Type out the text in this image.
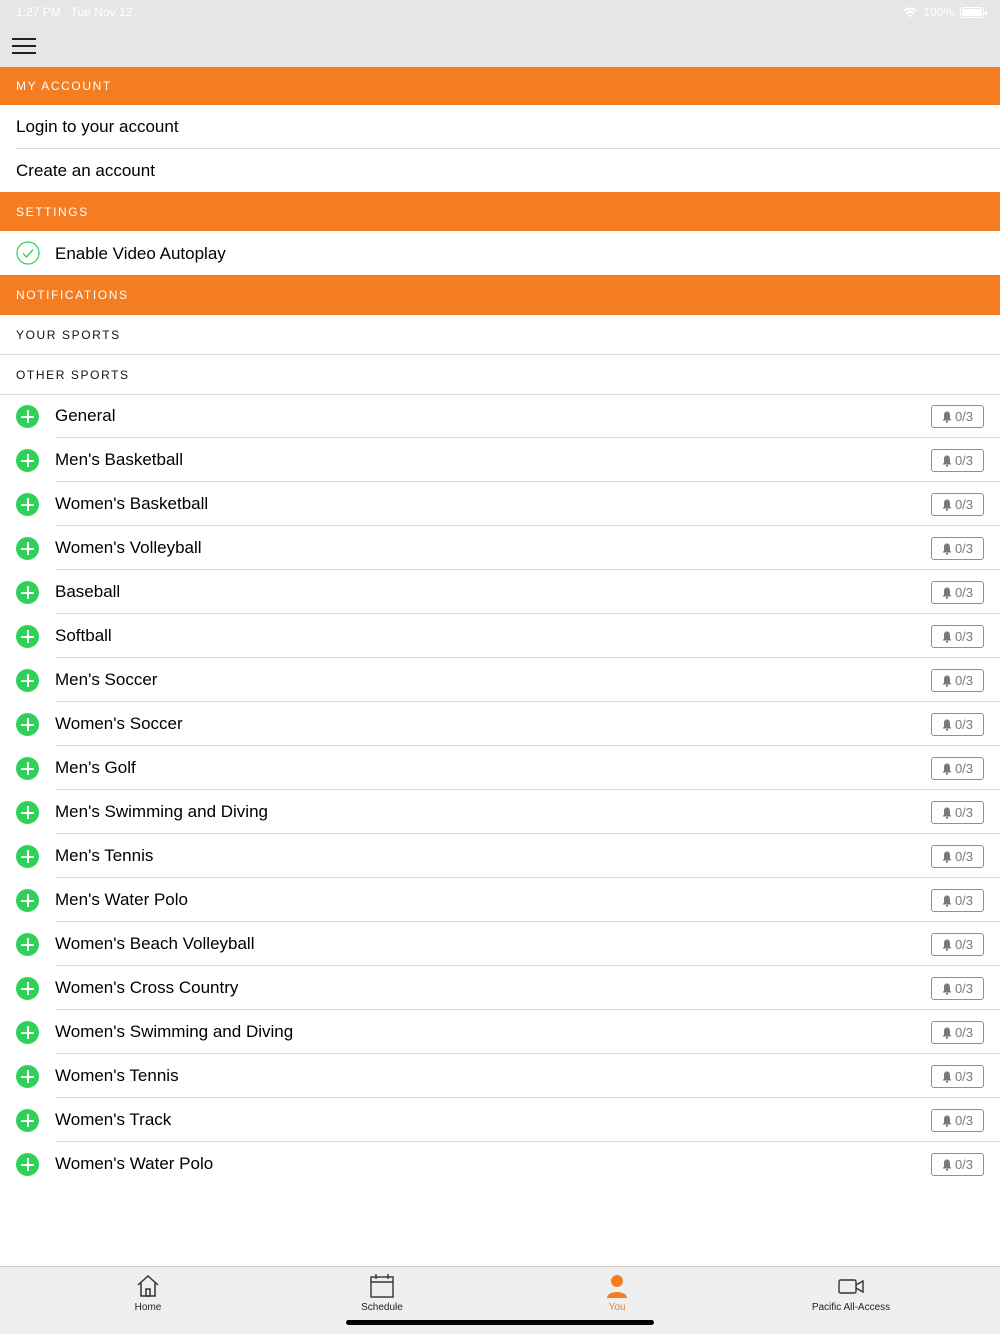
1:27 PM Tue Nov 12	100%
MY ACCOUNT
Login to your account
Create an account
SETTINGS
Enable Video Autoplay
NOTIFICATIONS
YOUR SPORTS
OTHER SPORTS
General	0/3
Men's Basketball	0/3
Women's Basketball	0/3
Women's Volleyball	0/3
Baseball	0/3
Softball	0/3
Men's Soccer	0/3
Women's Soccer	0/3
Men's Golf	0/3
Men's Swimming and Diving	0/3
Men's Tennis	0/3
Men's Water Polo	0/3
Women's Beach Volleyball	0/3
Women's Cross Country	0/3
Women's Swimming and Diving	0/3
Women's Tennis	0/3
Women's Track	0/3
Women's Water Polo	0/3
Home	Schedule	You	Pacific All-Access
